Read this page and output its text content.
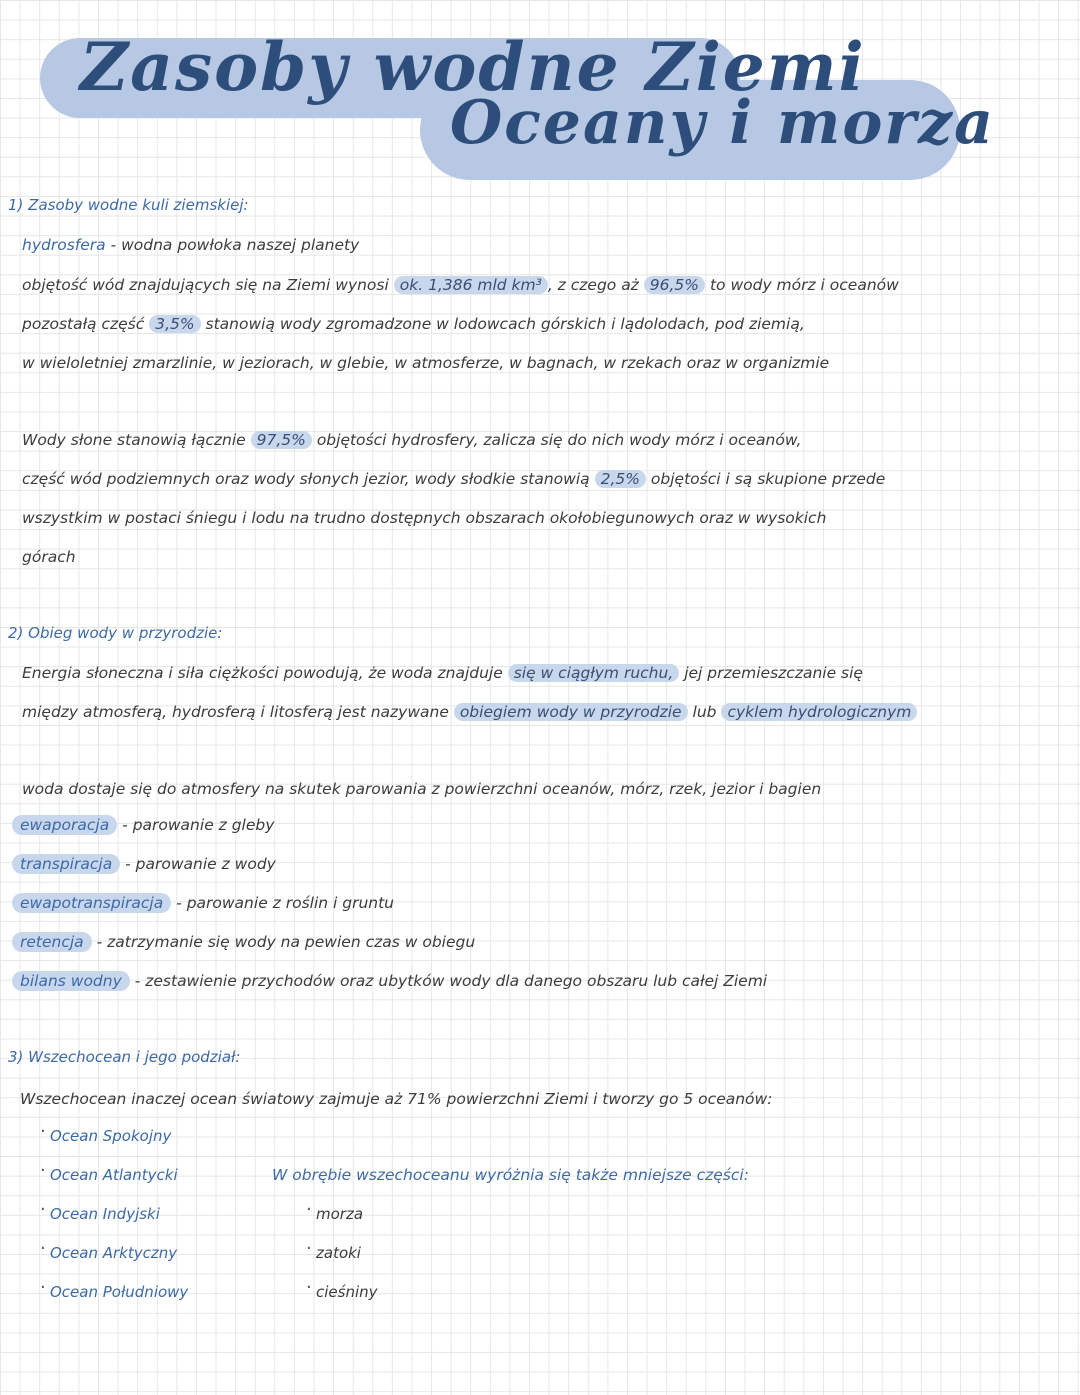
Zasoby wodne Ziemi
Oceany i morza
1) Zasoby wodne kuli ziemskiej:
hydrosfera - wodna powłoka naszej planety
objętość wód znajdujących się na Ziemi wynosi ok. 1,386 mld km³ , z czego aż 96,5% to wody mórz i oceanów
pozostałą część 3,5% stanowią wody zgromadzone w lodowcach górskich i lądolodach, pod ziemią,
w wieloletniej zmarzlinie, w jeziorach, w glebie, w atmosferze, w bagnach, w rzekach oraz w organizmie
Wody słone stanowią łącznie 97,5% objętości hydrosfery, zalicza się do nich wody mórz i oceanów,
część wód podziemnych oraz wody słonych jezior, wody słodkie stanowią 2,5% objętości i są skupione przede
wszystkim w postaci śniegu i lodu na trudno dostępnych obszarach okołobiegunowych oraz w wysokich
górach
2) Obieg wody w przyrodzie:
Energia słoneczna i siła ciężkości powodują, że woda znajduje się w ciągłym ruchu, jej przemieszczanie się
między atmosferą, hydrosferą i litosferą jest nazywane obiegiem wody w przyrodzie lub cyklem hydrologicznym
woda dostaje się do atmosfery na skutek parowania z powierzchni oceanów, mórz, rzek, jezior i bagien
ewaporacja - parowanie z gleby
transpiracja - parowanie z wody
ewapotranspiracja - parowanie z roślin i gruntu
retencja - zatrzymanie się wody na pewien czas w obiegu
bilans wodny - zestawienie przychodów oraz ubytków wody dla danego obszaru lub całej Ziemi
3) Wszechocean i jego podział:
Wszechocean inaczej ocean światowy zajmuje aż 71% powierzchni Ziemi i tworzy go 5 oceanów:
· Ocean Spokojny
· Ocean Atlantycki
· Ocean Indyjski
· Ocean Arktyczny
· Ocean Południowy
W obrębie wszechoceanu wyróżnia się także mniejsze części:
· morza
· zatoki
· cieśniny
